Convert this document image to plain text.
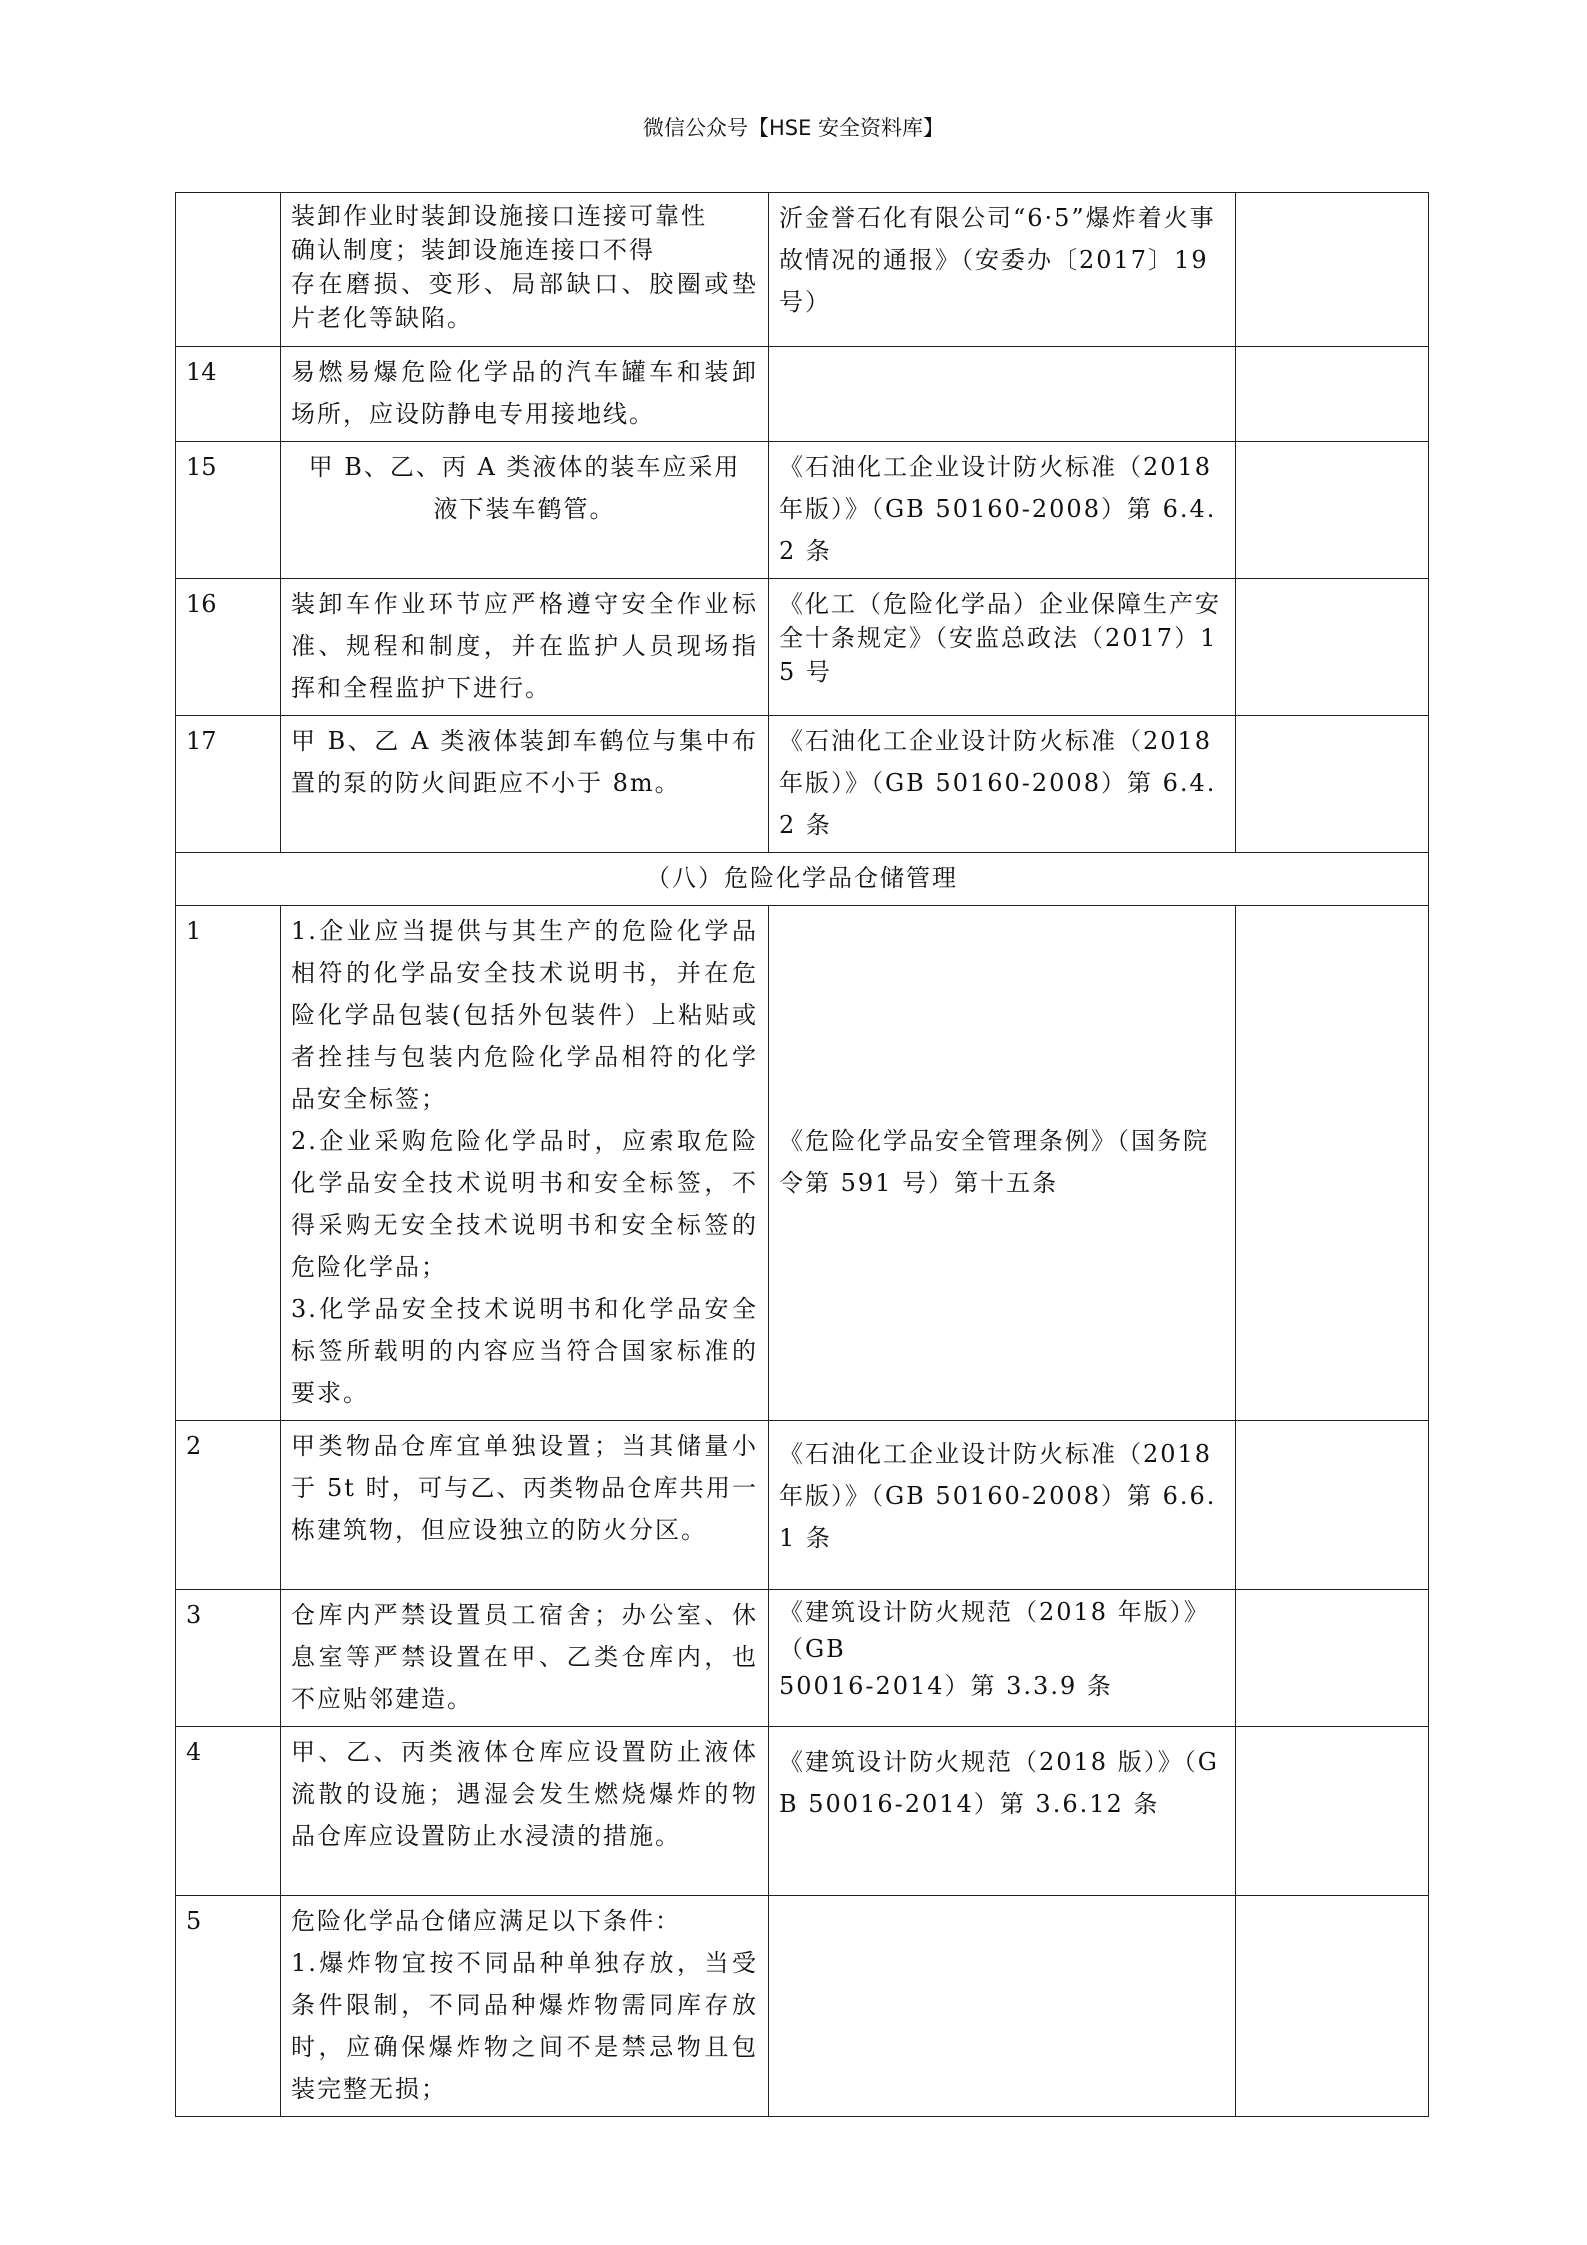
微信公众号【HSE 安全资料库】
	装卸作业时装卸设施接口连接可靠性
确认制度；装卸设施连接口不得
存在磨损、变形、局部缺口、胶圈或垫片老化等缺陷。	沂金誉石化有限公司“6·5”爆炸着火事故情况的通报》（安委办〔2017〕19 号）	
14	易燃易爆危险化学品的汽车罐车和装卸场所，应设防静电专用接地线。		
15	甲 B、乙、丙 A 类液体的装车应采用
液下装车鹤管。	《石油化工企业设计防火标准（2018 年版）》（GB 50160-2008）第 6.4.2 条	
16	装卸车作业环节应严格遵守安全作业标准、规程和制度，并在监护人员现场指挥和全程监护下进行。	《化工（危险化学品）企业保障生产安全十条规定》（安监总政法（2017）15 号	
17	甲 B、乙 A 类液体装卸车鹤位与集中布置的泵的防火间距应不小于 8m。	《石油化工企业设计防火标准（2018 年版）》（GB 50160-2008）第 6.4.2 条	
（八）危险化学品仓储管理			
1	1.企业应当提供与其生产的危险化学品相符的化学品安全技术说明书，并在危险化学品包装(包括外包装件）上粘贴或者拴挂与包装内危险化学品相符的化学品安全标签；
2.企业采购危险化学品时，应索取危险化学品安全技术说明书和安全标签，不得采购无安全技术说明书和安全标签的危险化学品；
3.化学品安全技术说明书和化学品安全标签所载明的内容应当符合国家标准的要求。	《危险化学品安全管理条例》（国务院令第 591 号）第十五条	
2	甲类物品仓库宜单独设置；当其储量小于 5t 时，可与乙、丙类物品仓库共用一栋建筑物，但应设独立的防火分区。	《石油化工企业设计防火标准（2018 年版）》（GB 50160-2008）第 6.6.1 条	
3	仓库内严禁设置员工宿舍；办公室、休息室等严禁设置在甲、乙类仓库内，也不应贴邻建造。	《建筑设计防火规范（2018 年版）》（GB
50016-2014）第 3.3.9 条	
4	甲、乙、丙类液体仓库应设置防止液体流散的设施；遇湿会发生燃烧爆炸的物品仓库应设置防止水浸渍的措施。	《建筑设计防火规范（2018 版）》（GB 50016-2014）第 3.6.12 条	
5	危险化学品仓储应满足以下条件：
1.爆炸物宜按不同品种单独存放，当受条件限制，不同品种爆炸物需同库存放时，应确保爆炸物之间不是禁忌物且包装完整无损；		
